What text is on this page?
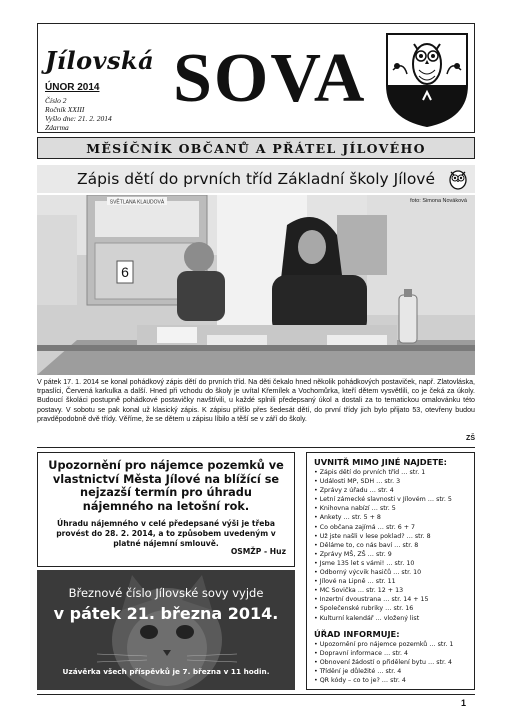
Jílovská SOVA
ÚNOR 2014
Číslo 2
Ročník XXIII
Vyšlo dne: 21. 2. 2014
Zdarma
MĚSÍČNÍK OBČANŮ A PŘÁTEL JÍLOVÉHO
Zápis dětí do prvních tříd Základní školy Jílové
SVĚTLANA KLAUDOVÁ
6
foto: Simona Nováková

V pátek 17. 1. 2014 se konal pohádkový zápis dětí do prvních tříd. Na děti čekalo hned několik pohádkových postaviček, např. Zlatovláska, trpaslíci, Červená karkulka a další. Hned při vchodu do školy je uvítal Křemílek a Vochomůrka, kteří dětem vysvětlili, co je čeká za úkoly. Budoucí školáci postupně pohádkové postavičky navštívili, u každé splnili předepsaný úkol a dostali za to tematickou omalovánku této postavy. V sobotu se pak konal už klasický zápis. K zápisu přišlo přes šedesát dětí, do první třídy jich bylo přijato 53, otevřeny budou pravděpodobně dvě třídy. Věříme, že se dětem u zápisu líbilo a těší se v září do školy.

ZŠ
Upozornění pro nájemce pozemků ve vlastnictví Města Jílové na blížící se nejzazší termín pro úhradu nájemného na letošní rok.
Úhradu nájemného v celé předepsané výši je třeba provést do 28. 2. 2014, a to způsobem uvedeným v platné nájemní smlouvě.
OSMŽP - Huz
Březnové číslo Jílovské sovy vyjde
v pátek 21. března 2014.
Uzávěrka všech příspěvků je 7. března v 11 hodin.
UVNITŘ MIMO JINÉ NAJDETE:
• Zápis dětí do prvních tříd … str. 1
• Události MP, SDH … str. 3
• Zprávy z úřadu … str. 4
• Letní zámecké slavnosti v Jílovém … str. 5
• Knihovna nabízí … str. 5
• Ankety … str. 5 + 8
• Co občana zajímá … str. 6 + 7
• Už jste našli v lese poklad? … str. 8
• Děláme to, co nás baví … str. 8
• Zprávy MŠ, ZŠ … str. 9
• Jsme 135 let s vámi! … str. 10
• Odborný výcvik hasičů … str. 10
• Jílové na Lipně … str. 11
• MC Sovička … str. 12 + 13
• Inzertní dvoustrana … str. 14 + 15
• Společenské rubriky … str. 16
• Kulturní kalendář … vložený list
ÚŘAD INFORMUJE:
• Upozornění pro nájemce pozemků … str. 1
• Dopravní informace … str. 4
• Obnovení žádostí o přidělení bytu … str. 4
• Třídění je důležité … str. 4
• QR kódy – co to je? … str. 4
1
